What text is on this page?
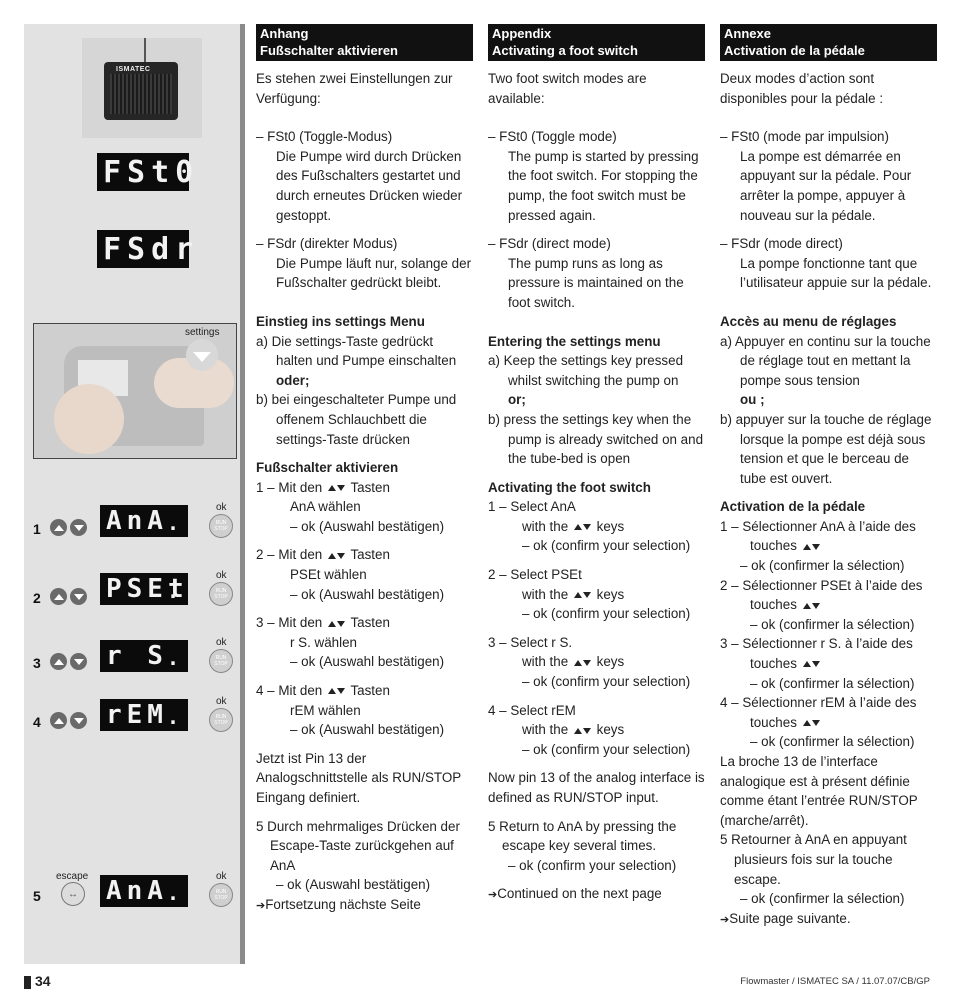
ISMATEC
FSt0
FSdr
settings
1	AnA .	ok
RUN STOP
2	PSEt .	ok
RUN STOP
3	r S .	ok
RUN STOP
4	rEM .	ok
RUN STOP
5
escape
↔ AnA .	ok
RUN STOP
Anhang
Fußschalter aktivieren

Es stehen zwei Einstellungen zur Verfügung:

– FSt0 (Toggle-Modus)

Die Pumpe wird durch Drücken des Fußschalters gestartet und durch erneutes Drücken wieder gestoppt.

– FSdr (direkter Modus)

Die Pumpe läuft nur, solange der Fußschalter gedrückt bleibt.

Einstieg ins settings Menu

a) Die settings-Taste gedrückt halten und Pumpe einschalten

oder;

b) bei eingeschalteter Pumpe und offenem Schlauchbett die settings-Taste drücken

Fußschalter aktivieren

1 – Mit den Tasten

AnA wählen

– ok (Auswahl bestätigen)

2 – Mit den Tasten

PSEt wählen

– ok (Auswahl bestätigen)

3 – Mit den Tasten

r S. wählen

– ok (Auswahl bestätigen)

4 – Mit den Tasten

rEM wählen

– ok (Auswahl bestätigen)

Jetzt ist Pin 13 der Analogschnittstelle als RUN/STOP Eingang definiert.

5 Durch mehrmaliges Drücken der Escape-Taste zurückgehen auf AnA

– ok (Auswahl bestätigen)

➔ Fortsetzung nächste Seite

Appendix
Activating a foot switch

Two foot switch modes are available:

– FSt0 (Toggle mode)

The pump is started by pressing the foot switch. For stopping the pump, the foot switch must be pressed again.

– FSdr (direct mode)

The pump runs as long as pressure is maintained on the foot switch.

Entering the settings menu

a) Keep the settings key pressed whilst switching the pump on

or;

b) press the settings key when the pump is already switched on and the tube-bed is open

Activating the foot switch

1 – Select AnA

with the keys

– ok (confirm your selection)

2 – Select PSEt

with the keys

– ok (confirm your selection)

3 – Select r S.

with the keys

– ok (confirm your selection)

4 – Select rEM

with the keys

– ok (confirm your selection)

Now pin 13 of the analog interface is defined as RUN/STOP input.

5 Return to AnA by pressing the escape key several times.

– ok (confirm your selection)

➔ Continued on the next page

Annexe
Activation de la pédale

Deux modes d’action sont disponibles pour la pédale :

– FSt0 (mode par impulsion)

La pompe est démarrée en appuyant sur la pédale. Pour arrêter la pompe, appuyer à nouveau sur la pédale.

– FSdr (mode direct)

La pompe fonctionne tant que l’utilisateur appuie sur la pédale.

Accès au menu de réglages

a) Appuyer en continu sur la touche de réglage tout en mettant la pompe sous tension

ou ;

b) appuyer sur la touche de réglage lorsque la pompe est déjà sous tension et que le berceau de tube est ouvert.

Activation de la pédale

1 – Sélectionner AnA à l’aide des touches

– ok (confirmer la sélection)

2 – Sélectionner PSEt à l’aide des touches

– ok (confirmer la sélection)

3 – Sélectionner r S. à l’aide des touches

– ok (confirmer la sélection)

4 – Sélectionner rEM à l’aide des touches

– ok (confirmer la sélection)

La broche 13 de l’interface analogique est à présent définie comme étant l’entrée RUN/STOP (marche/arrêt).

5 Retourner à AnA en appuyant plusieurs fois sur la touche escape.

– ok (confirmer la sélection)

➔ Suite page suivante.

34	Flowmaster / ISMATEC SA / 11.07.07/CB/GP
